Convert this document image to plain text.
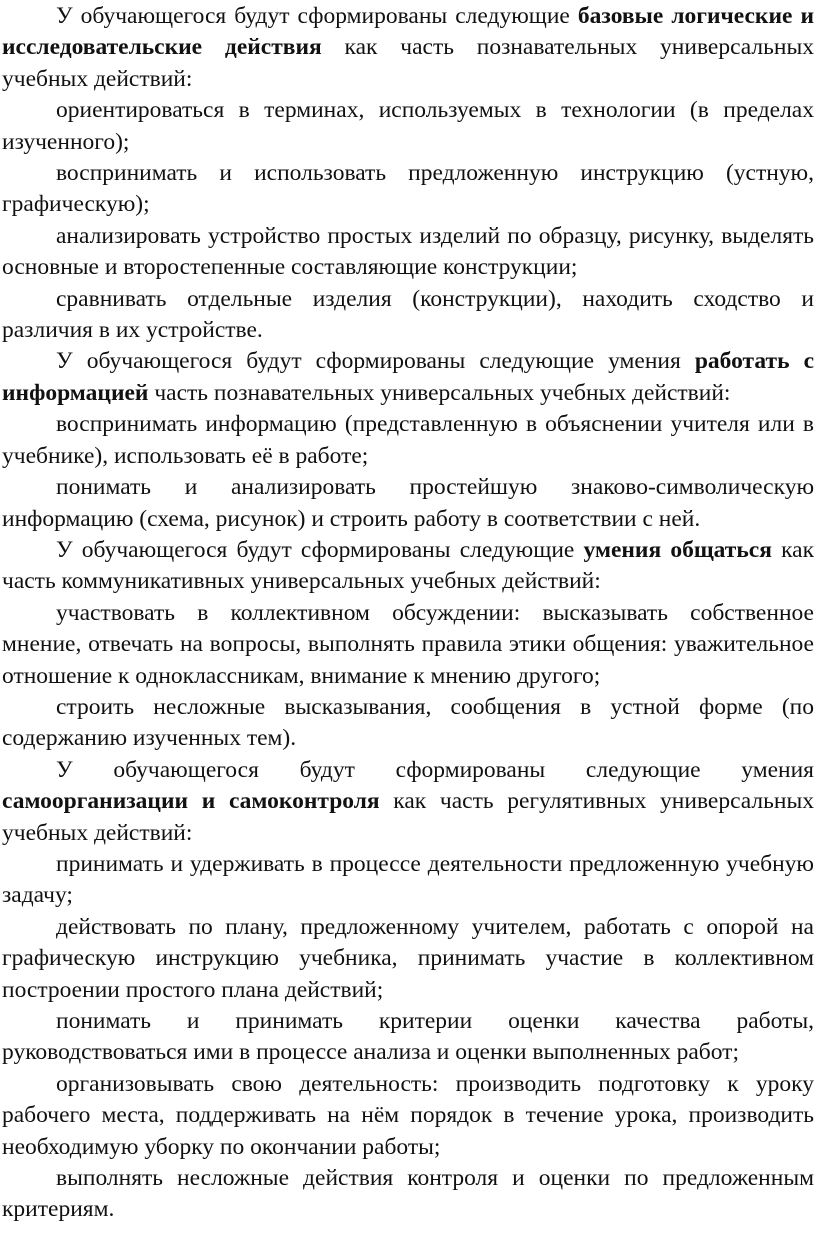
У обучающегося будут сформированы следующие базовые логические и исследовательские действия как часть познавательных универсальных учебных действий:

ориентироваться в терминах, используемых в технологии (в пределах изученного);

воспринимать и использовать предложенную инструкцию (устную, графическую);

анализировать устройство простых изделий по образцу, рисунку, выделять основные и второстепенные составляющие конструкции;

сравнивать отдельные изделия (конструкции), находить сходство и различия в их устройстве.

У обучающегося будут сформированы следующие умения работать с информацией часть познавательных универсальных учебных действий:

воспринимать информацию (представленную в объяснении учителя или в учебнике), использовать её в работе;

понимать и анализировать простейшую знаково-символическую информацию (схема, рисунок) и строить работу в соответствии с ней.

У обучающегося будут сформированы следующие умения общаться как часть коммуникативных универсальных учебных действий:

участвовать в коллективном обсуждении: высказывать собственное мнение, отвечать на вопросы, выполнять правила этики общения: уважительное отношение к одноклассникам, внимание к мнению другого;

строить несложные высказывания, сообщения в устной форме (по содержанию изученных тем).

У обучающегося будут сформированы следующие умения самоорганизации и самоконтроля как часть регулятивных универсальных учебных действий:

принимать и удерживать в процессе деятельности предложенную учебную задачу;

действовать по плану, предложенному учителем, работать с опорой на графическую инструкцию учебника, принимать участие в коллективном построении простого плана действий;

понимать и принимать критерии оценки качества работы, руководствоваться ими в процессе анализа и оценки выполненных работ;

организовывать свою деятельность: производить подготовку к уроку рабочего места, поддерживать на нём порядок в течение урока, производить необходимую уборку по окончании работы;

выполнять несложные действия контроля и оценки по предложенным критериям.
